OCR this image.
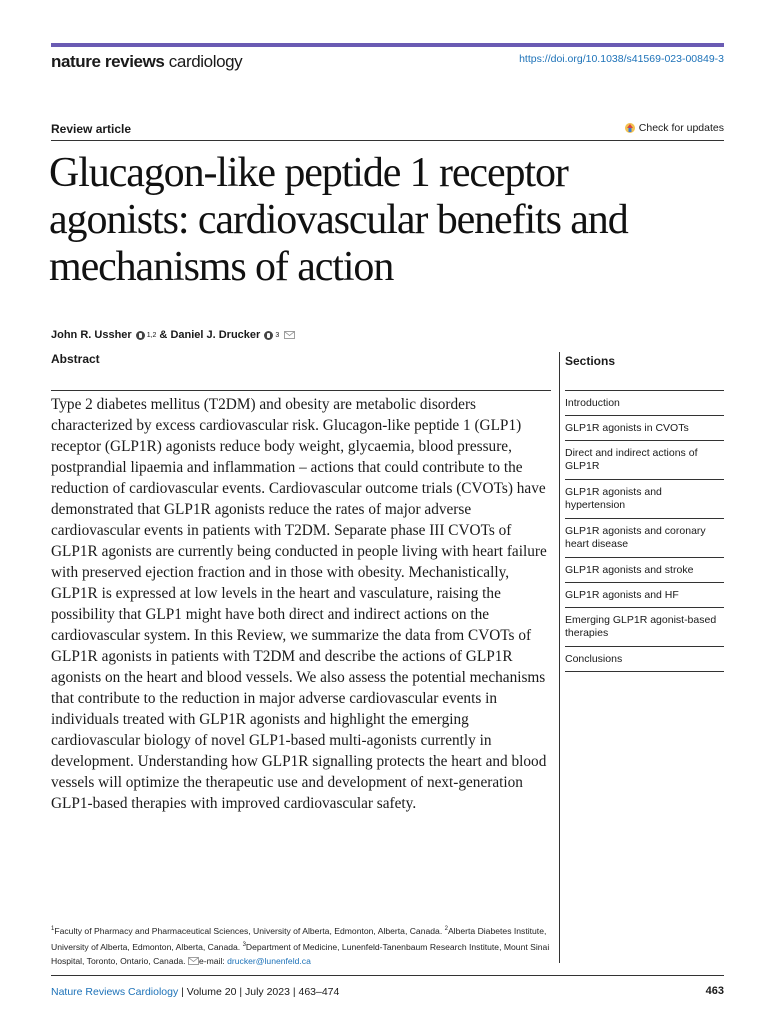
nature reviews cardiology	https://doi.org/10.1038/s41569-023-00849-3
Review article	Check for updates
Glucagon-like peptide 1 receptor agonists: cardiovascular benefits and mechanisms of action
John R. Ussher 1,2 &
Daniel J. Drucker 3
Abstract

Type 2 diabetes mellitus (T2DM) and obesity are metabolic disorders characterized by excess cardiovascular risk. Glucagon-like peptide 1 (GLP1) receptor (GLP1R) agonists reduce body weight, glycaemia, blood pressure, postprandial lipaemia and inflammation – actions that could contribute to the reduction of cardiovascular events. Cardiovascular outcome trials (CVOTs) have demonstrated that GLP1R agonists reduce the rates of major adverse cardiovascular events in patients with T2DM. Separate phase III CVOTs of GLP1R agonists are currently being conducted in people living with heart failure with preserved ejection fraction and in those with obesity. Mechanistically, GLP1R is expressed at low levels in the heart and vasculature, raising the possibility that GLP1 might have both direct and indirect actions on the cardiovascular system. In this Review, we summarize the data from CVOTs of GLP1R agonists in patients with T2DM and describe the actions of GLP1R agonists on the heart and blood vessels. We also assess the potential mechanisms that contribute to the reduction in major adverse cardiovascular events in individuals treated with GLP1R agonists and highlight the emerging cardiovascular biology of novel GLP1-based multi-agonists currently in development. Understanding how GLP1R signalling protects the heart and blood vessels will optimize the therapeutic use and development of next-generation GLP1-based therapies with improved cardiovascular safety.

Sections
Introduction
GLP1R agonists in CVOTs
Direct and indirect actions of GLP1R
GLP1R agonists and hypertension
GLP1R agonists and coronary heart disease
GLP1R agonists and stroke
GLP1R agonists and HF
Emerging GLP1R agonist-based therapies
Conclusions
$^1$Faculty of Pharmacy and Pharmaceutical Sciences, University of Alberta, Edmonton, Alberta, Canada. $^2$Alberta Diabetes Institute, University of Alberta, Edmonton, Alberta, Canada. $^3$Department of Medicine, Lunenfeld-Tanenbaum Research Institute, Mount Sinai Hospital, Toronto, Ontario, Canada. e-mail: drucker@lunenfeld.ca
Nature Reviews Cardiology | Volume 20 | July 2023 | 463–474	463
